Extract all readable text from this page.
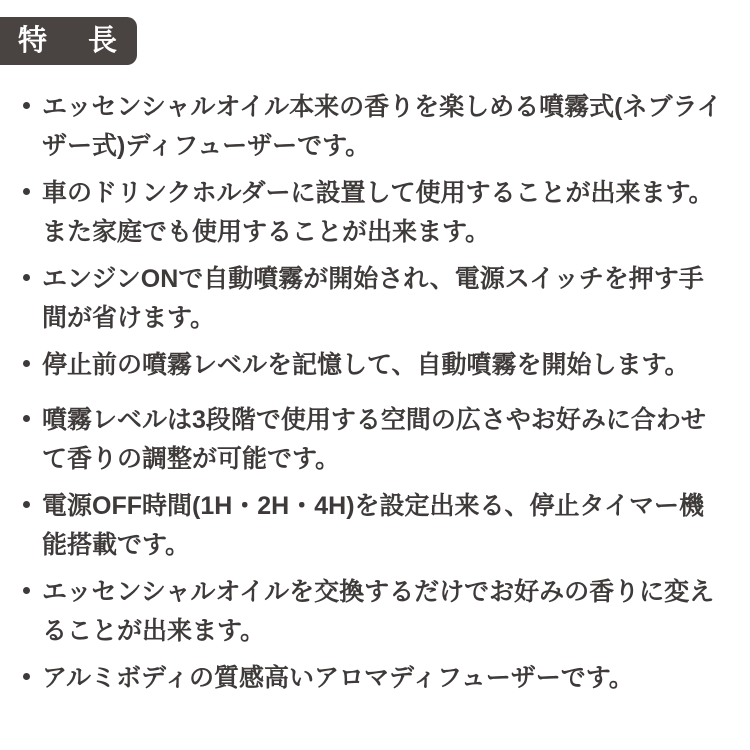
特　長
エッセンシャルオイル本来の香りを楽しめる噴霧式(ネブライザー式)ディフューザーです。
車のドリンクホルダーに設置して使用することが出来ます。また家庭でも使用することが出来ます。
エンジンONで自動噴霧が開始され、電源スイッチを押す手間が省けます。
停止前の噴霧レベルを記憶して、自動噴霧を開始します。
噴霧レベルは3段階で使用する空間の広さやお好みに合わせて香りの調整が可能です。
電源OFF時間(1H・2H・4H)を設定出来る、停止タイマー機能搭載です。
エッセンシャルオイルを交換するだけでお好みの香りに変えることが出来ます。
アルミボディの質感高いアロマディフューザーです。
